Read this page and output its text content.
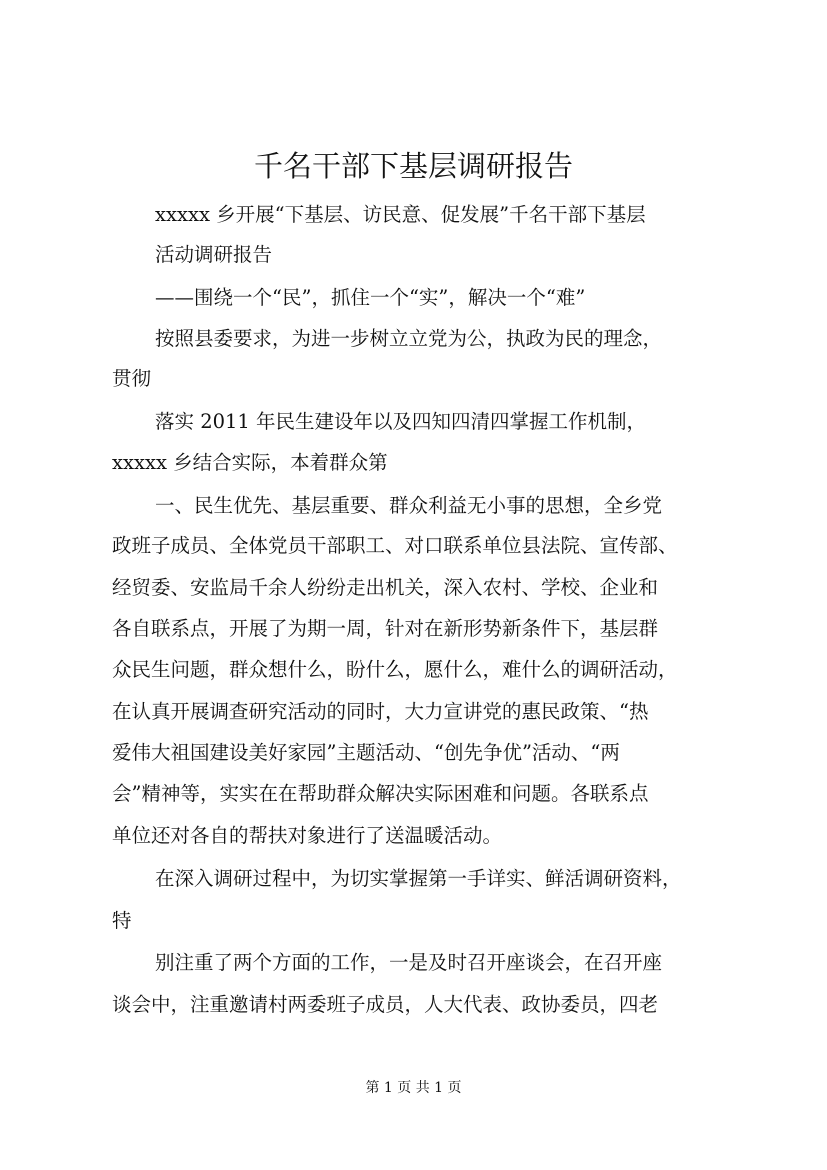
千名干部下基层调研报告

xxxxx 乡开展“下基层、访民意、促发展”千名干部下基层

活动调研报告

——围绕一个“民”，抓住一个“实”，解决一个“难”

按照县委要求，为进一步树立立党为公，执政为民的理念，

贯彻

落实 2011 年民生建设年以及四知四清四掌握工作机制，

xxxxx 乡结合实际，本着群众第

一、民生优先、基层重要、群众利益无小事的思想，全乡党

政班子成员、全体党员干部职工、对口联系单位县法院、宣传部、

经贸委、安监局千余人纷纷走出机关，深入农村、学校、企业和

各自联系点，开展了为期一周，针对在新形势新条件下，基层群

众民生问题，群众想什么，盼什么，愿什么，难什么的调研活动，

在认真开展调查研究活动的同时，大力宣讲党的惠民政策、“热

爱伟大祖国建设美好家园”主题活动、“创先争优”活动、“两

会”精神等，实实在在帮助群众解决实际困难和问题。各联系点

单位还对各自的帮扶对象进行了送温暖活动。

在深入调研过程中，为切实掌握第一手详实、鲜活调研资料，

特

别注重了两个方面的工作，一是及时召开座谈会，在召开座

谈会中，注重邀请村两委班子成员，人大代表、政协委员，四老

第 1 页 共 1 页
